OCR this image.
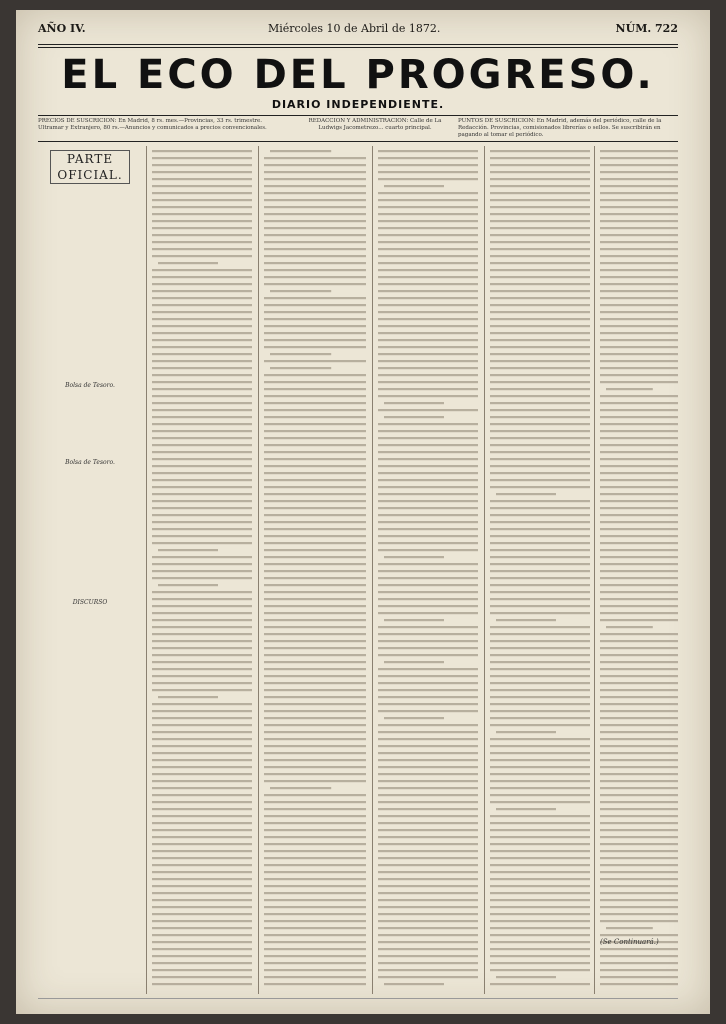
AÑO IV.	Miércoles 10 de Abril de 1872.	NÚM. 722
EL ECO DEL PROGRESO.
DIARIO INDEPENDIENTE.
PRECIOS DE SUSCRICION: En Madrid, 8 rs. mes.—Provincias, 33 rs. trimestre. Ultramar y Extranjero, 80 rs.—Anuncios y comunicados a precios convencionales.
REDACCION Y ADMINISTRACION: Calle de La Ludwigs Jacometrezo... cuarto principal.
PUNTOS DE SUSCRICION: En Madrid, además del periódico, calle de la Redacción. Provincias, comisionados librerías o sellos. Se suscribirán en pagando al tomar el periódico.
PARTE OFICIAL.

Bolsa de Tesoro.

Bolsa de Tesoro.

DISCURSO
(Se Continuará.)
